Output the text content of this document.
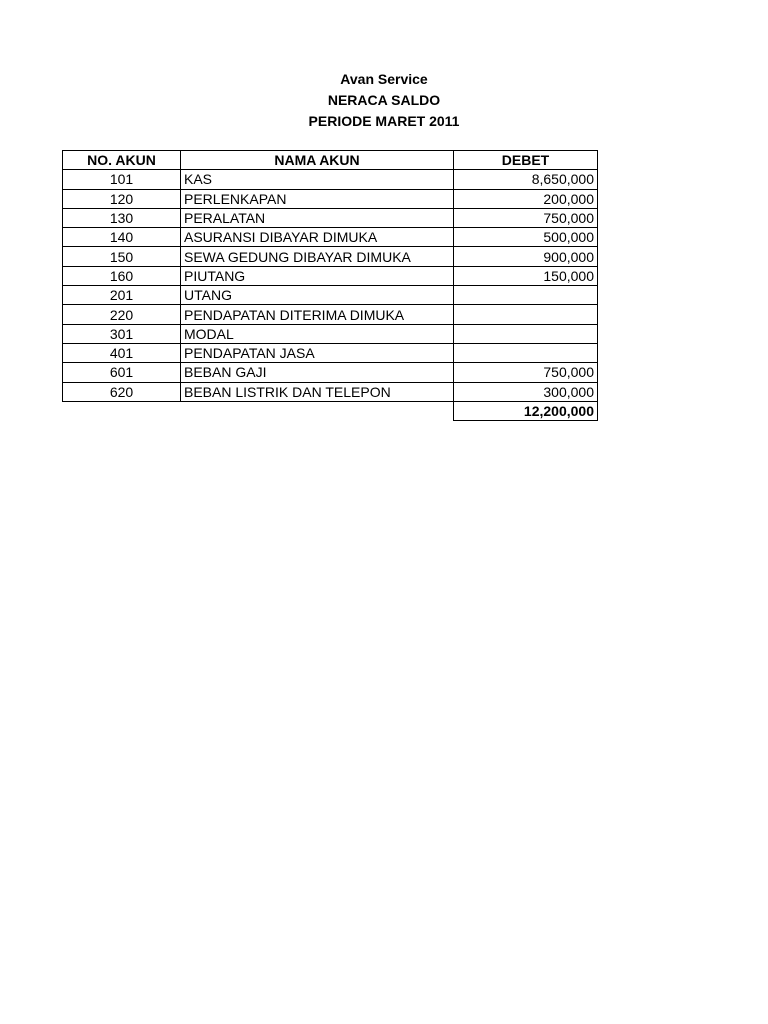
Avan Service
NERACA SALDO
PERIODE MARET 2011
NO. AKUN	NAMA AKUN	DEBET
101	KAS	8,650,000
120	PERLENKAPAN	200,000
130	PERALATAN	750,000
140	ASURANSI DIBAYAR DIMUKA	500,000
150	SEWA GEDUNG DIBAYAR DIMUKA	900,000
160	PIUTANG	150,000
201	UTANG	
220	PENDAPATAN DITERIMA DIMUKA	
301	MODAL	
401	PENDAPATAN JASA	
601	BEBAN GAJI	750,000
620	BEBAN LISTRIK DAN TELEPON	300,000
		12,200,000
